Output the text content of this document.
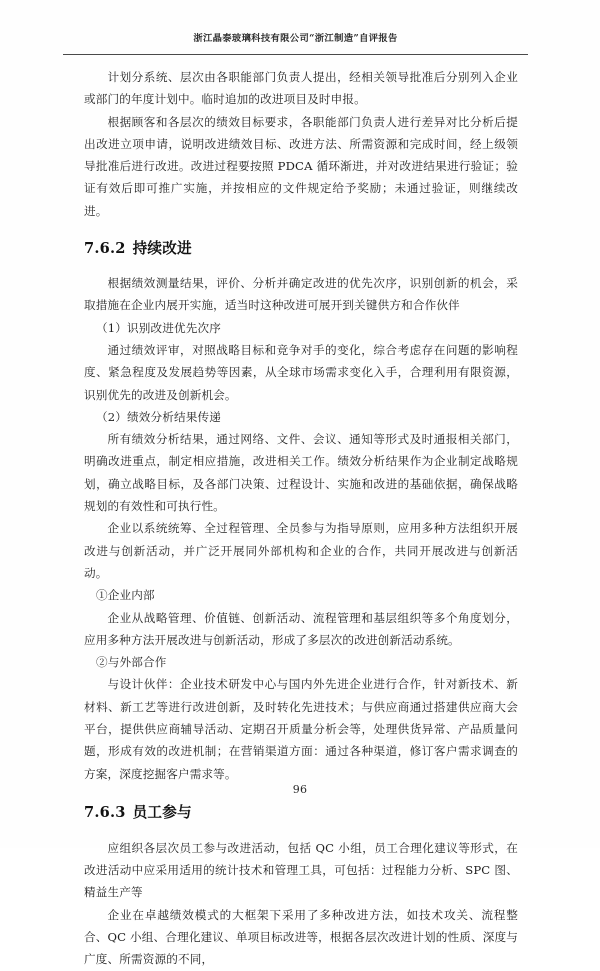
浙江晶泰玻璃科技有限公司“浙江制造”自评报告

计划分系统、层次由各职能部门负责人提出，经相关领导批准后分别列入企业或部门的年度计划中。临时追加的改进项目及时申报。

根据顾客和各层次的绩效目标要求，各职能部门负责人进行差异对比分析后提出改进立项申请，说明改进绩效目标、改进方法、所需资源和完成时间，经上级领导批准后进行改进。改进过程要按照 PDCA 循环渐进，并对改进结果进行验证；验证有效后即可推广实施，并按相应的文件规定给予奖励；未通过验证，则继续改进。

7.6.2 持续改进

根据绩效测量结果，评价、分析并确定改进的优先次序，识别创新的机会，采取措施在企业内展开实施，适当时这种改进可展开到关键供方和合作伙伴

（1）识别改进优先次序

通过绩效评审，对照战略目标和竞争对手的变化，综合考虑存在问题的影响程度、紧急程度及发展趋势等因素，从全球市场需求变化入手，合理利用有限资源，识别优先的改进及创新机会。

（2）绩效分析结果传递

所有绩效分析结果，通过网络、文件、会议、通知等形式及时通报相关部门，明确改进重点，制定相应措施，改进相关工作。绩效分析结果作为企业制定战略规划，确立战略目标，及各部门决策、过程设计、实施和改进的基础依据，确保战略规划的有效性和可执行性。

企业以系统统筹、全过程管理、全员参与为指导原则，应用多种方法组织开展改进与创新活动，并广泛开展同外部机构和企业的合作，共同开展改进与创新活动。

①企业内部

企业从战略管理、价值链、创新活动、流程管理和基层组织等多个角度划分，应用多种方法开展改进与创新活动，形成了多层次的改进创新活动系统。

②与外部合作

与设计伙伴：企业技术研发中心与国内外先进企业进行合作，针对新技术、新材料、新工艺等进行改进创新，及时转化先进技术；与供应商通过搭建供应商大会平台，提供供应商辅导活动、定期召开质量分析会等，处理供货异常、产品质量问题，形成有效的改进机制；在营销渠道方面：通过各种渠道，修订客户需求调查的方案，深度挖掘客户需求等。

7.6.3 员工参与

应组织各层次员工参与改进活动，包括 QC 小组，员工合理化建议等形式，在改进活动中应采用适用的统计技术和管理工具，可包括：过程能力分析、SPC 图、精益生产等

企业在卓越绩效模式的大框架下采用了多种改进方法，如技术攻关、流程整合、QC 小组、合理化建议、单项目标改进等，根据各层次改进计划的性质、深度与广度、所需资源的不同，

96
